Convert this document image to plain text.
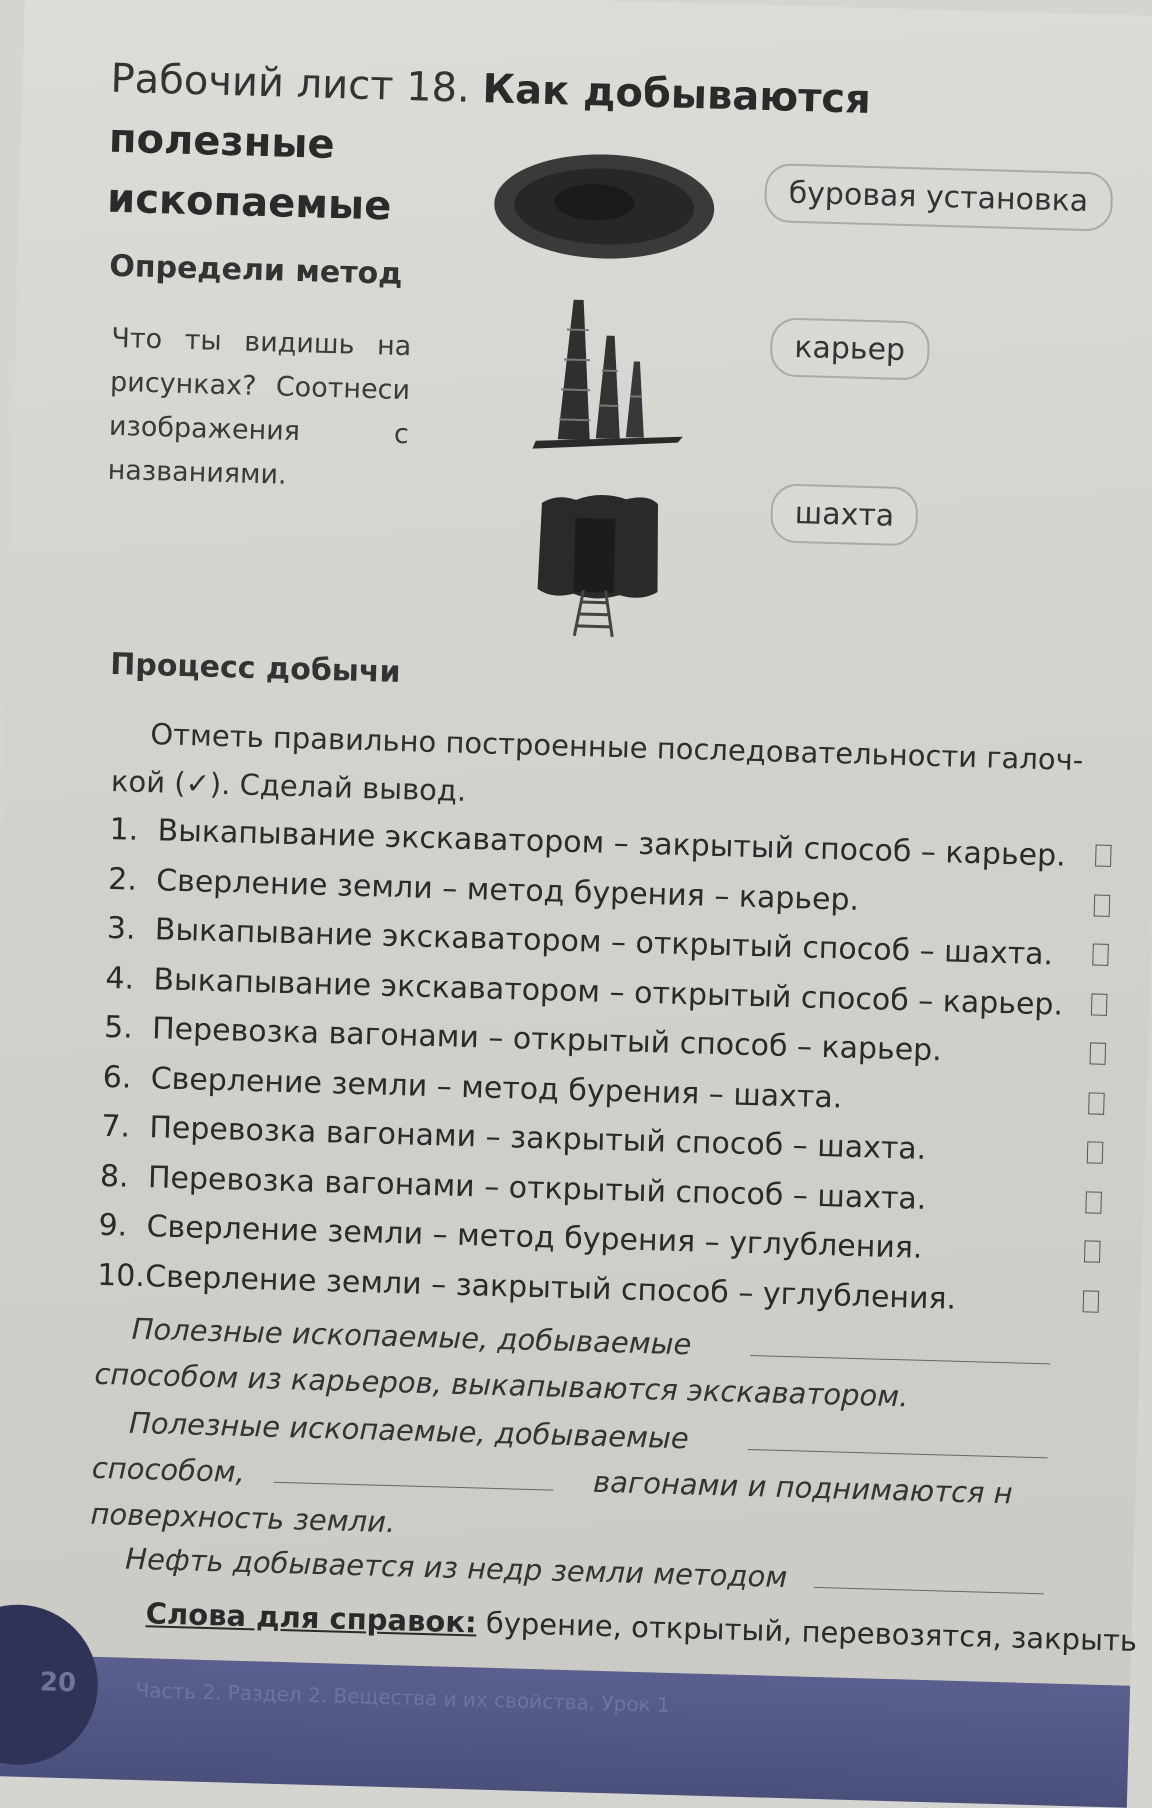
Рабочий лист 18. Как добываются полезные
ископаемые
Определи метод
Что ты видишь на рисунках? Соотнеси изображения с названиями.
буровая установка
карьер
шахта
Процесс добычи
Отметь правильно построенные последовательности галоч-
кой (✓). Сделай вывод.
1. Выкапывание экскаватором – закрытый способ – карьер.
2. Сверление земли – метод бурения – карьер.
3. Выкапывание экскаватором – открытый способ – шахта.
4. Выкапывание экскаватором – открытый способ – карьер.
5. Перевозка вагонами – открытый способ – карьер.
6. Сверление земли – метод бурения – шахта.
7. Перевозка вагонами – закрытый способ – шахта.
8. Перевозка вагонами – открытый способ – шахта.
9. Сверление земли – метод бурения – углубления.
10.Сверление земли – закрытый способ – углубления.
Полезные ископаемые, добываемые
способом из карьеров, выкапываются экскаватором.
Полезные ископаемые, добываемые
способом,	вагонами и поднимаются н
поверхность земли.
Нефть добывается из недр земли методом
Слова для справок: бурение, открытый, перевозятся, закрыть
20	Часть 2. Раздел 2. Вещества и их свойства. Урок 1
